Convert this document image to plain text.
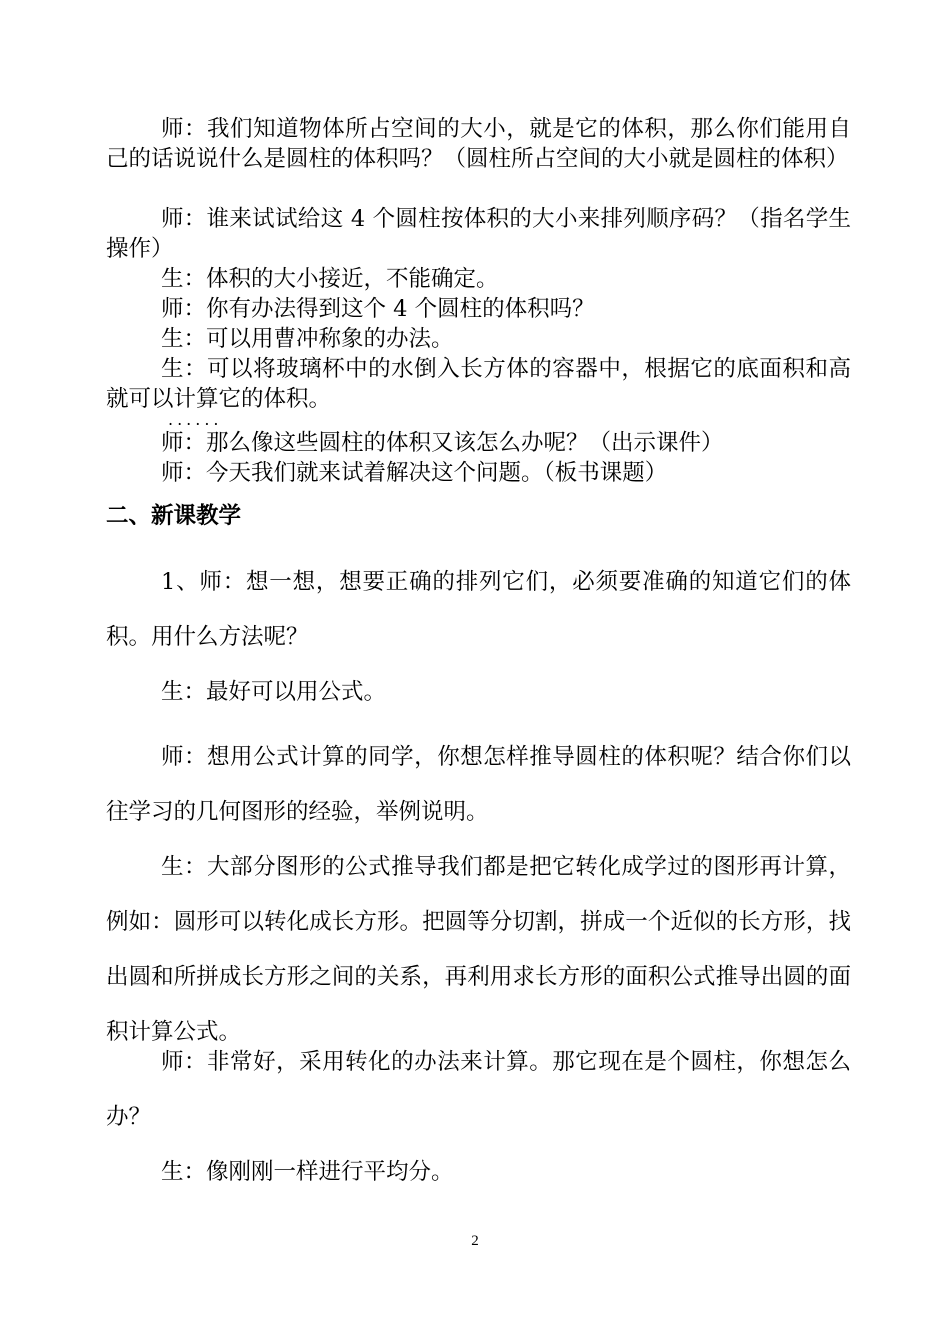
师：我们知道物体所占空间的大小，就是它的体积，那么你们能用自己的话说说什么是圆柱的体积吗？（圆柱所占空间的大小就是圆柱的体积）

师：谁来试试给这 4 个圆柱按体积的大小来排列顺序码？（指名学生操作）

生：体积的大小接近，不能确定。

师：你有办法得到这个 4 个圆柱的体积吗？

生：可以用曹冲称象的办法。

生：可以将玻璃杯中的水倒入长方体的容器中，根据它的底面积和高就可以计算它的体积。

......

师：那么像这些圆柱的体积又该怎么办呢？（出示课件）

师：今天我们就来试着解决这个问题。（板书课题）

二、新课教学

1、师：想一想，想要正确的排列它们，必须要准确的知道它们的体积。用什么方法呢？

生：最好可以用公式。

师：想用公式计算的同学，你想怎样推导圆柱的体积呢？结合你们以往学习的几何图形的经验，举例说明。

生：大部分图形的公式推导我们都是把它转化成学过的图形再计算，例如：圆形可以转化成长方形。把圆等分切割，拼成一个近似的长方形，找出圆和所拼成长方形之间的关系，再利用求长方形的面积公式推导出圆的面积计算公式。

师：非常好，采用转化的办法来计算。那它现在是个圆柱，你想怎么办？

生：像刚刚一样进行平均分。

2
